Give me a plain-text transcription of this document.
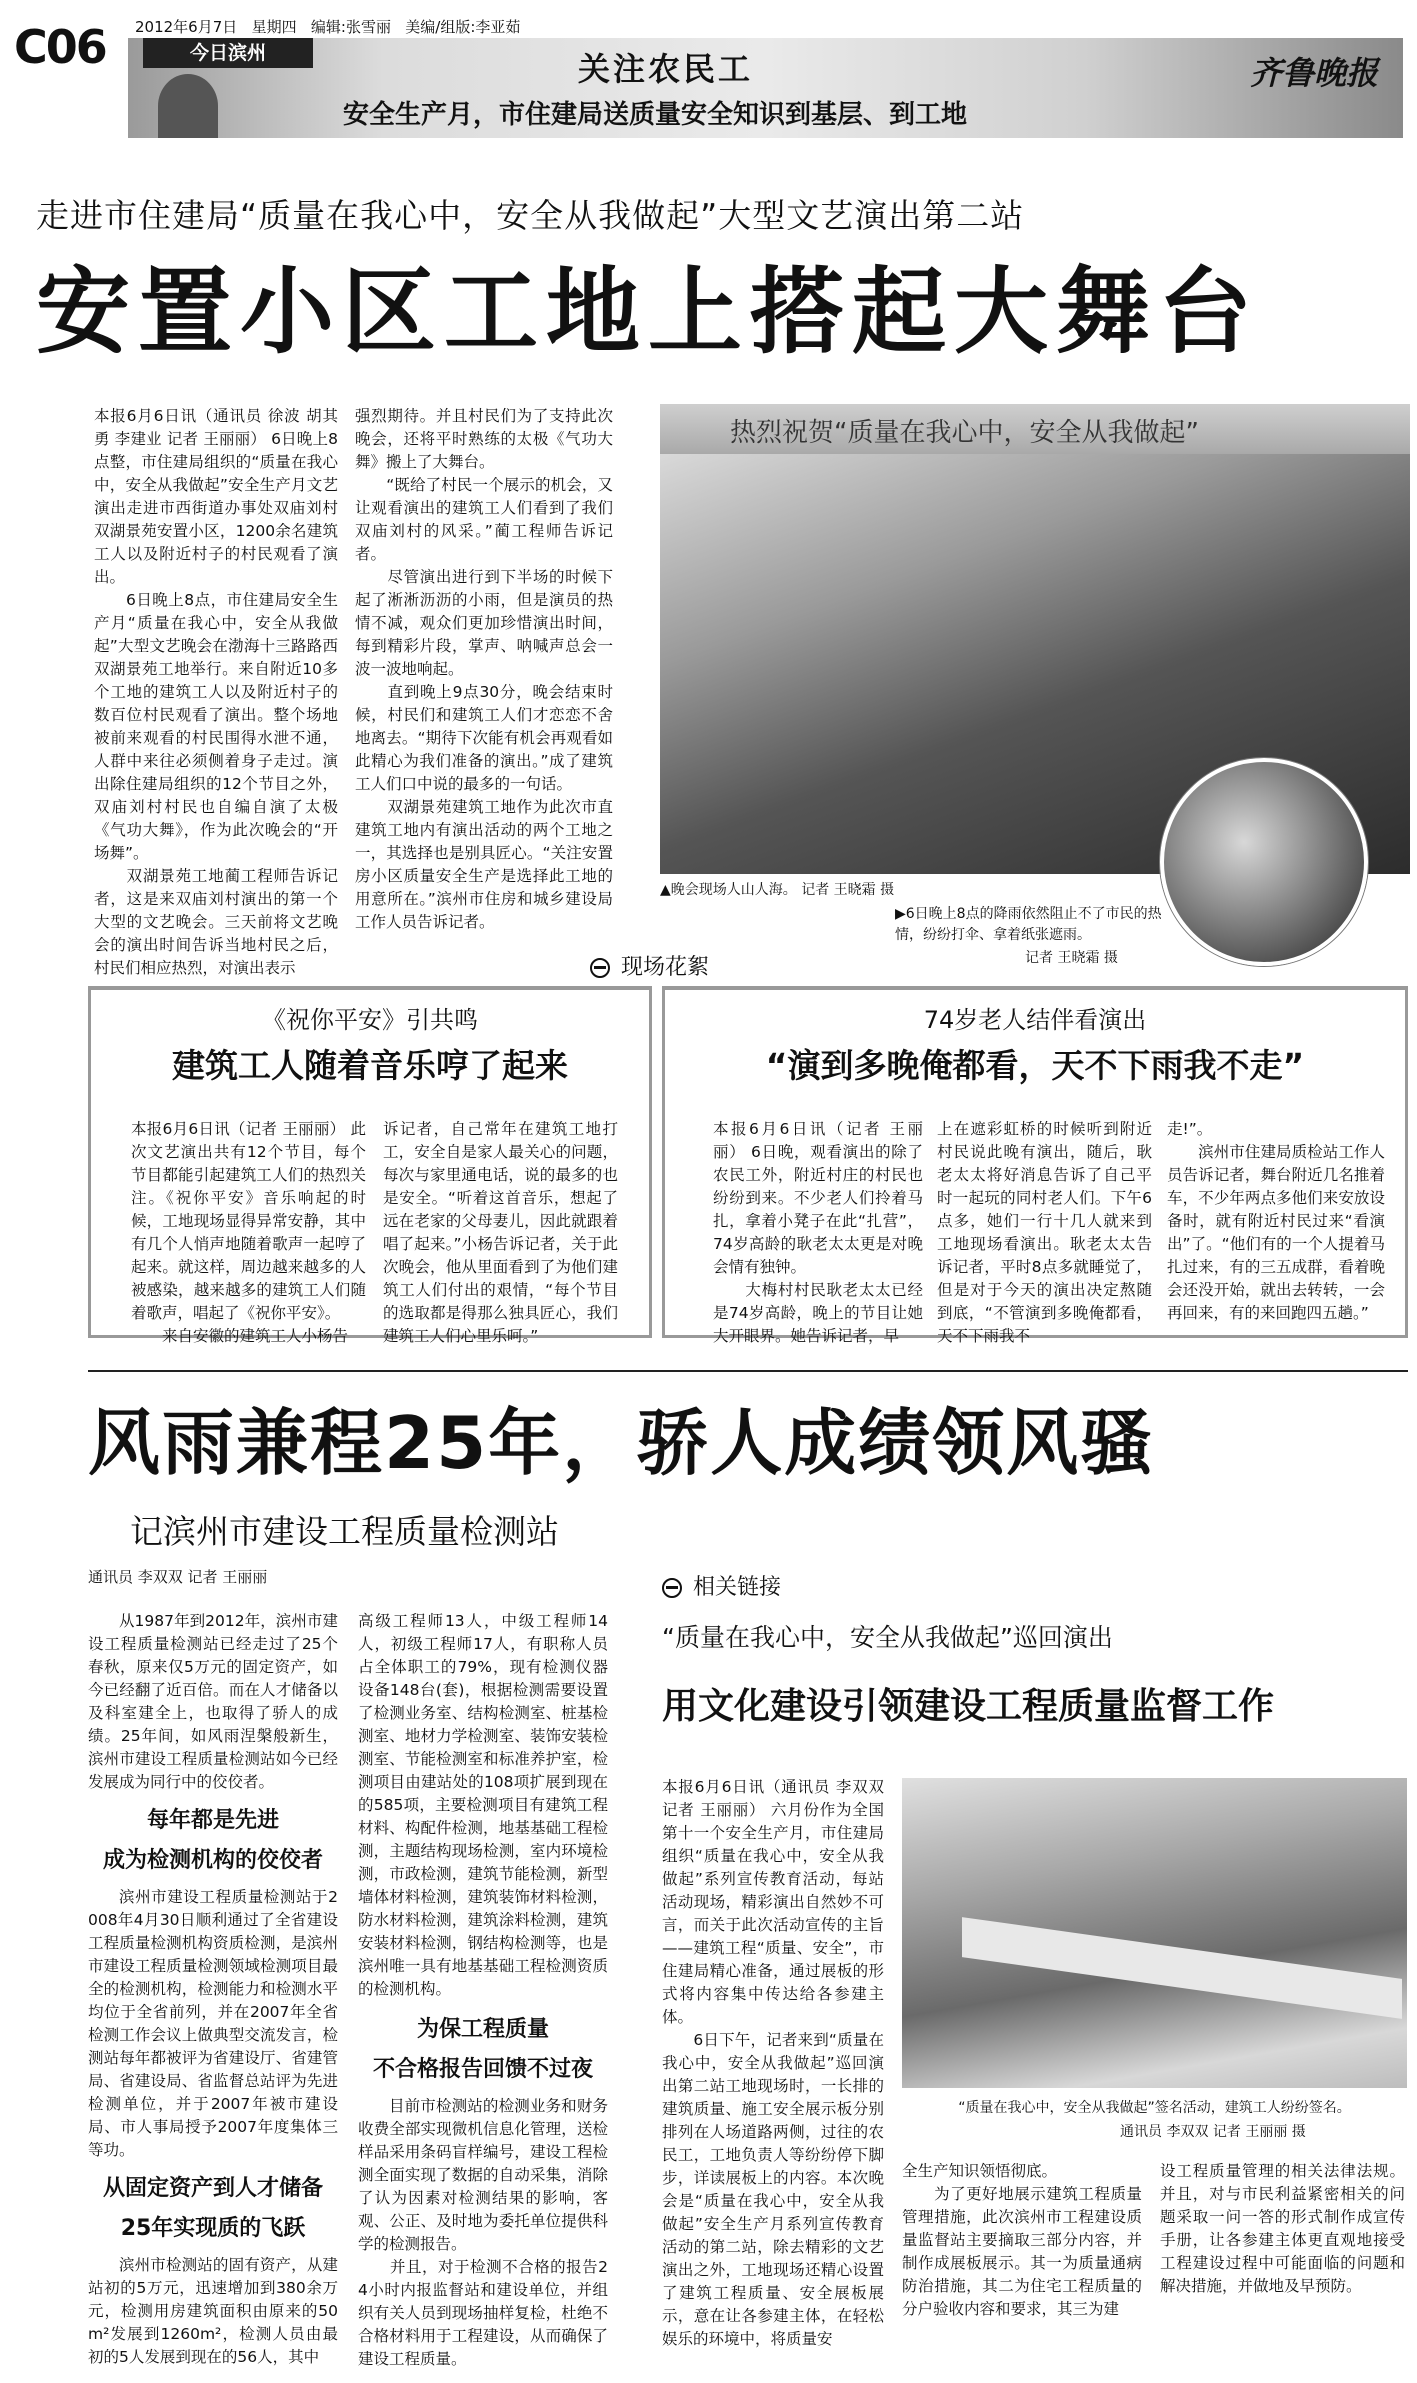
C06 2012年6月7日 星期四 编辑:张雪丽 美编/组版:李亚茹
今日滨州	关注农民工
安全生产月，市住建局送质量安全知识到基层、到工地
齐鲁晚报
走进市住建局“质量在我心中，安全从我做起”大型文艺演出第二站
安置小区工地上搭起大舞台
本报6月6日讯（通讯员 徐波 胡其勇 李建业 记者 王丽丽） 6日晚上8点整，市住建局组织的“质量在我心中，安全从我做起”安全生产月文艺演出走进市西街道办事处双庙刘村双湖景苑安置小区，1200余名建筑工人以及附近村子的村民观看了演出。
　　6日晚上8点，市住建局安全生产月“质量在我心中，安全从我做起”大型文艺晚会在渤海十三路路西双湖景苑工地举行。来自附近10多个工地的建筑工人以及附近村子的数百位村民观看了演出。整个场地被前来观看的村民围得水泄不通，人群中来往必须侧着身子走过。演出除住建局组织的12个节目之外，双庙刘村村民也自编自演了太极《气功大舞》，作为此次晚会的“开场舞”。
　　双湖景苑工地蔺工程师告诉记者，这是来双庙刘村演出的第一个大型的文艺晚会。三天前将文艺晚会的演出时间告诉当地村民之后，村民们相应热烈，对演出表示
强烈期待。并且村民们为了支持此次晚会，还将平时熟练的太极《气功大舞》搬上了大舞台。
　　“既给了村民一个展示的机会，又让观看演出的建筑工人们看到了我们双庙刘村的风采。”蔺工程师告诉记者。
　　尽管演出进行到下半场的时候下起了淅淅沥沥的小雨，但是演员的热情不减，观众们更加珍惜演出时间，每到精彩片段，掌声、呐喊声总会一波一波地响起。
　　直到晚上9点30分，晚会结束时候，村民们和建筑工人们才恋恋不舍地离去。“期待下次能有机会再观看如此精心为我们准备的演出。”成了建筑工人们口中说的最多的一句话。
　　双湖景苑建筑工地作为此次市直建筑工地内有演出活动的两个工地之一，其选择也是别具匠心。“关注安置房小区质量安全生产是选择此工地的用意所在。”滨州市住房和城乡建设局工作人员告诉记者。
热烈祝贺“质量在我心中，安全从我做起”
▲晚会现场人山人海。 记者 王晓霜 摄
▶6日晚上8点的降雨依然阻止不了市民的热情，纷纷打伞、拿着纸张遮雨。
记者 王晓霜 摄
现场花絮
《祝你平安》引共鸣
建筑工人随着音乐哼了起来
本报6月6日讯（记者 王丽丽） 此次文艺演出共有12个节目，每个节目都能引起建筑工人们的热烈关注。《祝你平安》音乐响起的时候，工地现场显得异常安静，其中有几个人悄声地随着歌声一起哼了起来。就这样，周边越来越多的人被感染，越来越多的建筑工人们随着歌声，唱起了《祝你平安》。
　　来自安徽的建筑工人小杨告
诉记者，自己常年在建筑工地打工，安全自是家人最关心的问题，每次与家里通电话，说的最多的也是安全。“听着这首音乐，想起了远在老家的父母妻儿，因此就跟着唱了起来。”小杨告诉记者，关于此次晚会，他从里面看到了为他们建筑工人们付出的艰情，“每个节目的选取都是得那么独具匠心，我们建筑工人们心里乐呵。”
74岁老人结伴看演出
“演到多晚俺都看，天不下雨我不走”
本报6月6日讯（记者 王丽丽） 6日晚，观看演出的除了农民工外，附近村庄的村民也纷纷到来。不少老人们拎着马扎，拿着小凳子在此“扎营”，74岁高龄的耿老太太更是对晚会情有独钟。
　　大梅村村民耿老太太已经是74岁高龄，晚上的节目让她大开眼界。她告诉记者，早
上在遮彩虹桥的时候听到附近村民说此晚有演出，随后，耿老太太将好消息告诉了自己平时一起玩的同村老人们。下午6点多，她们一行十几人就来到工地现场看演出。耿老太太告诉记者，平时8点多就睡觉了，但是对于今天的演出决定熬随到底，“不管演到多晚俺都看，天不下雨我不
走!”。
　　滨州市住建局质检站工作人员告诉记者，舞台附近几名推着车，不少年两点多他们来安放设备时，就有附近村民过来“看演出”了。“他们有的一个人提着马扎过来，有的三五成群，看着晚会还没开始，就出去转转，一会再回来，有的来回跑四五趟。”
风雨兼程25年，骄人成绩领风骚
记滨州市建设工程质量检测站
通讯员 李双双 记者 王丽丽
从1987年到2012年，滨州市建设工程质量检测站已经走过了25个春秋，原来仅5万元的固定资产，如今已经翻了近百倍。而在人才储备以及科室建全上，也取得了骄人的成绩。25年间，如风雨涅槃般新生，滨州市建设工程质量检测站如今已经发展成为同行中的佼佼者。
每年都是先进
成为检测机构的佼佼者
滨州市建设工程质量检测站于2008年4月30日顺利通过了全省建设工程质量检测机构资质检测，是滨州市建设工程质量检测领域检测项目最全的检测机构，检测能力和检测水平均位于全省前列，并在2007年全省检测工作会议上做典型交流发言，检测站每年都被评为省建设厅、省建管局、省建设局、省监督总站评为先进检测单位，并于2007年被市建设局、市人事局授予2007年度集体三等功。
从固定资产到人才储备
25年实现质的飞跃
滨州市检测站的固有资产，从建站初的5万元，迅速增加到380余万元，检测用房建筑面积由原来的50m²发展到1260m²，检测人员由最初的5人发展到现在的56人，其中
高级工程师13人，中级工程师14人，初级工程师17人，有职称人员占全体职工的79%，现有检测仪器设备148台(套)，根据检测需要设置了检测业务室、结构检测室、桩基检测室、地材力学检测室、装饰安装检测室、节能检测室和标准养护室，检测项目由建站处的108项扩展到现在的585项，主要检测项目有建筑工程材料、构配件检测，地基基础工程检测，主题结构现场检测，室内环境检测，市政检测，建筑节能检测，新型墙体材料检测，建筑装饰材料检测，防水材料检测，建筑涂料检测，建筑安装材料检测，钢结构检测等，也是滨州唯一具有地基基础工程检测资质的检测机构。
为保工程质量
不合格报告回馈不过夜
目前市检测站的检测业务和财务收费全部实现微机信息化管理，送检样品采用条码盲样编号，建设工程检测全面实现了数据的自动采集，消除了认为因素对检测结果的影响，客观、公正、及时地为委托单位提供科学的检测报告。
　　并且，对于检测不合格的报告24小时内报监督站和建设单位，并组织有关人员到现场抽样复检，杜绝不合格材料用于工程建设，从而确保了建设工程质量。
相关链接
“质量在我心中，安全从我做起”巡回演出
用文化建设引领建设工程质量监督工作
本报6月6日讯（通讯员 李双双 记者 王丽丽） 六月份作为全国第十一个安全生产月，市住建局组织“质量在我心中，安全从我做起”系列宣传教育活动，每站活动现场，精彩演出自然妙不可言，而关于此次活动宣传的主旨——建筑工程“质量、安全”，市住建局精心准备，通过展板的形式将内容集中传达给各参建主体。
　　6日下午，记者来到“质量在我心中，安全从我做起”巡回演出第二站工地现场时，一长排的建筑质量、施工安全展示板分别排列在人场道路两侧，过往的农民工，工地负责人等纷纷停下脚步，详读展板上的内容。本次晚会是“质量在我心中，安全从我做起”安全生产月系列宣传教育活动的第二站，除去精彩的文艺演出之外，工地现场还精心设置了建筑工程质量、安全展板展示，意在让各参建主体，在轻松娱乐的环境中，将质量安
“质量在我心中，安全从我做起”签名活动，建筑工人纷纷签名。
通讯员 李双双 记者 王丽丽 摄
全生产知识领悟彻底。
　　为了更好地展示建筑工程质量管理措施，此次滨州市工程建设质量监督站主要摘取三部分内容，并制作成展板展示。其一为质量通病防治措施，其二为住宅工程质量的分户验收内容和要求，其三为建
设工程质量管理的相关法律法规。并且，对与市民利益紧密相关的问题采取一问一答的形式制作成宣传手册，让各参建主体更直观地接受工程建设过程中可能面临的问题和解决措施，并做地及早预防。
